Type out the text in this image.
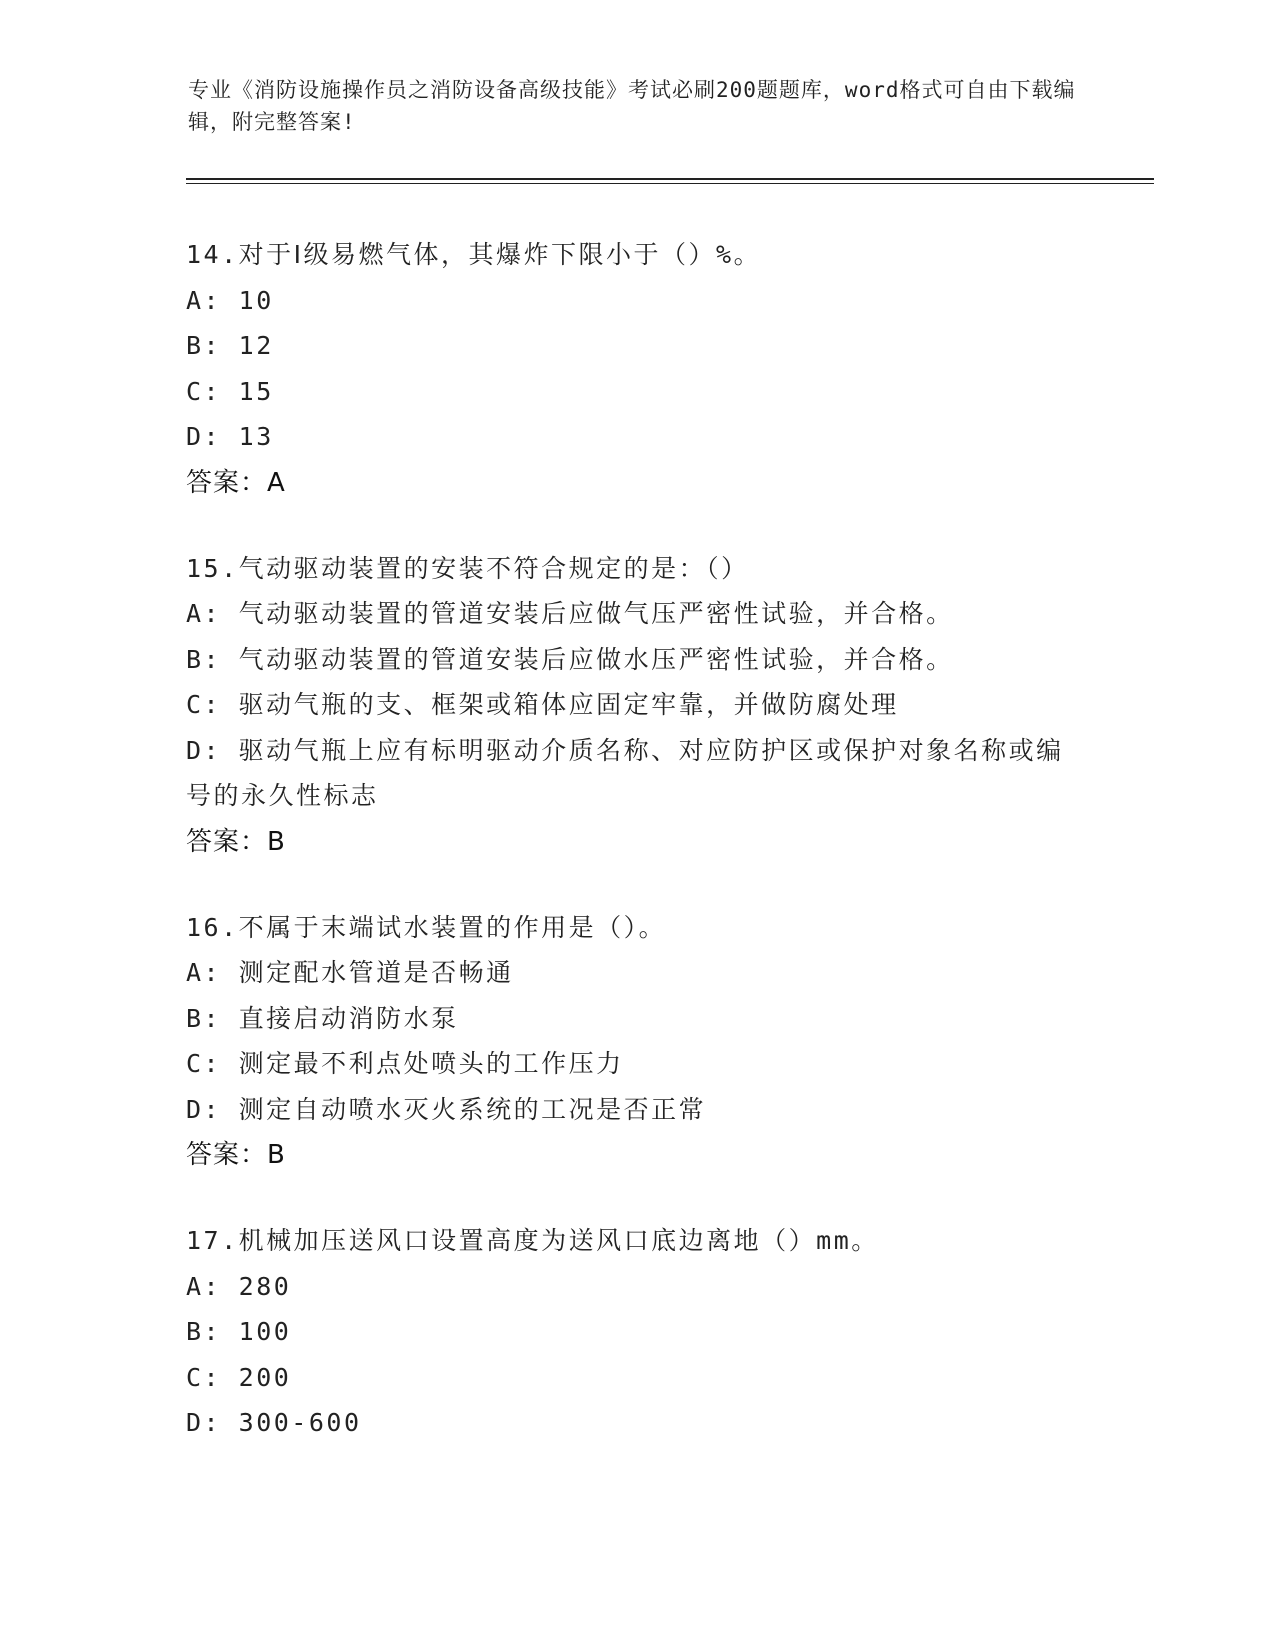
专业《消防设施操作员之消防设备高级技能》考试必刷200题题库，word格式可自由下载编辑，附完整答案!
14.对于Ⅰ级易燃气体，其爆炸下限小于（）%。
A: 10
B: 12
C: 15
D: 13
答案：A
15.气动驱动装置的安装不符合规定的是：（）
A: 气动驱动装置的管道安装后应做气压严密性试验，并合格。
B: 气动驱动装置的管道安装后应做水压严密性试验，并合格。
C: 驱动气瓶的支、框架或箱体应固定牢靠，并做防腐处理
D: 驱动气瓶上应有标明驱动介质名称、对应防护区或保护对象名称或编号的永久性标志
答案：B
16.不属于末端试水装置的作用是（）。
A: 测定配水管道是否畅通
B: 直接启动消防水泵
C: 测定最不利点处喷头的工作压力
D: 测定自动喷水灭火系统的工况是否正常
答案：B
17.机械加压送风口设置高度为送风口底边离地（）mm。
A: 280
B: 100
C: 200
D: 300-600
